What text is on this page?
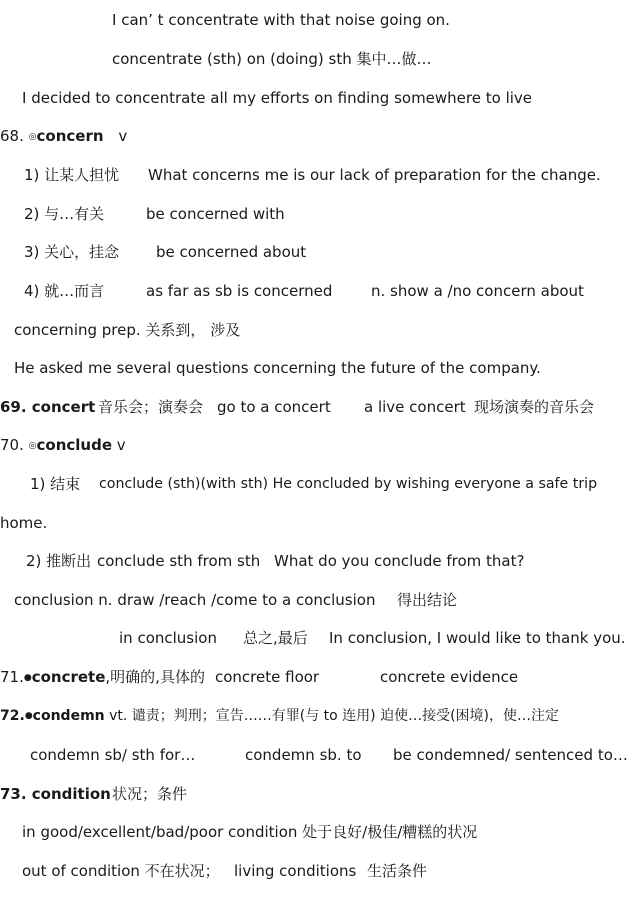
I can’ t concentrate with that noise going on.
concentrate (sth) on (doing) sth 集中…做…
I decided to concentrate all my efforts on finding somewhere to live
68. ◎concern v
1) 让某人担忧 What concerns me is our lack of preparation for the change.
2) 与…有关	be concerned with
3) 关心，挂念 be concerned about
4) 就…而言	as far as sb is concerned	n. show a /no concern about
concerning prep. 关系到， 涉及
He asked me several questions concerning the future of the company.
69. concert 音乐会；演奏会 go to a concert a live concert 现场演奏的音乐会
70. ◎conclude v
1) 结束 conclude (sth)(with sth) He concluded by wishing everyone a safe trip
home.
2) 推断出 conclude sth from sth What do you conclude from that?
conclusion n. draw /reach /come to a conclusion 得出结论
in conclusion 总之,最后 In conclusion, I would like to thank you.
71.●concrete,明确的,具体的 concrete floor	concrete evidence
72.●condemn vt. 谴责；判刑；宣告……有罪(与 to 连用) 迫使…接受(困境)，使…注定
condemn sb/ sth for…	condemn sb. to be condemned/ sentenced to…
73. condition 状况；条件
in good/excellent/bad/poor condition 处于良好/极佳/糟糕的状况
out of condition 不在状况； living conditions 生活条件
